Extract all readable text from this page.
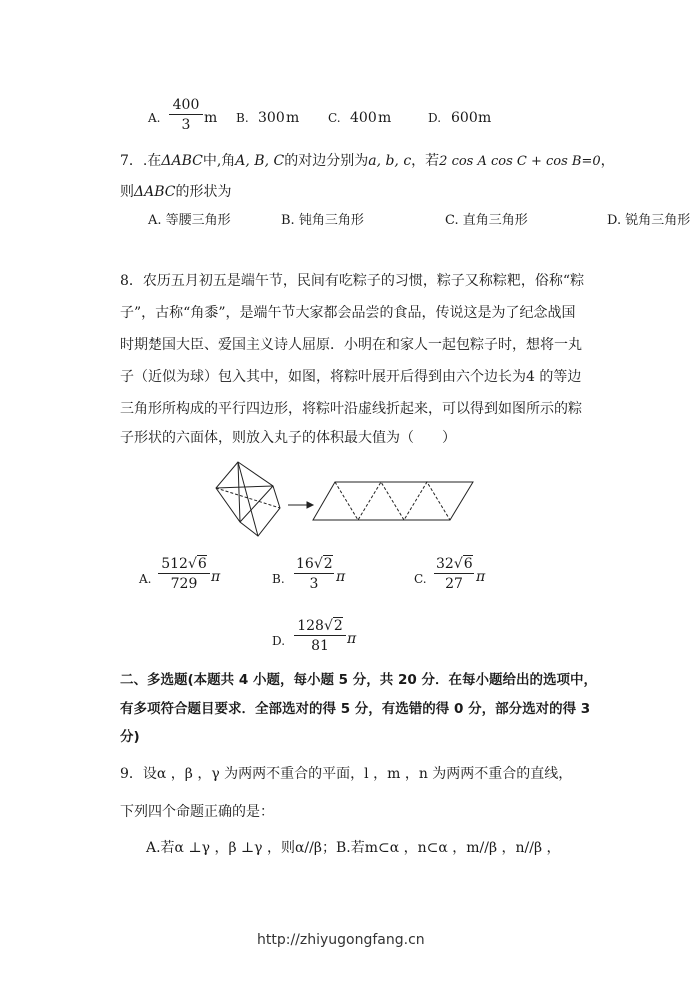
A.
400
3 m B. 300 m C. 400 m	D. 600 m
7．.在ΔABC中,角A, B, C的对边分别为a, b, c，若2 cos A cos C + cos B=0，
则ΔABC的形状为
A. 等腰三角形	B. 钝角三角形	C. 直角三角形	D. 锐角三角形
8．农历五月初五是端午节，民间有吃粽子的习惯，粽子又称粽粑，俗称“粽
子”，古称“角黍”，是端午节大家都会品尝的食品，传说这是为了纪念战国
时期楚国大臣、爱国主义诗人屈原．小明在和家人一起包粽子时，想将一丸
子（近似为球）包入其中，如图，将粽叶展开后得到由六个边长为4 的等边
三角形所构成的平行四边形，将粽叶沿虚线折起来，可以得到如图所示的粽
子形状的六面体，则放入丸子的体积最大值为（　　）
A.
512√6
729 π	B.
16√2
3	π	C.
32√6
27 π
D.
128√2
81	π
二、多选题(本题共 4 小题，每小题 5 分，共 20 分．在每小题给出的选项中，
有多项符合题目要求．全部选对的得 5 分，有选错的得 0 分，部分选对的得 3
分)
9．设α ，β ，γ 为两两不重合的平面，l ，m ，n 为两两不重合的直线，
下列四个命题正确的是：
A.若α ⊥γ ，β ⊥γ ，则α//β；B.若m⊂α ，n⊂α ，m//β ，n//β ，
http://zhiyugongfang.cn
